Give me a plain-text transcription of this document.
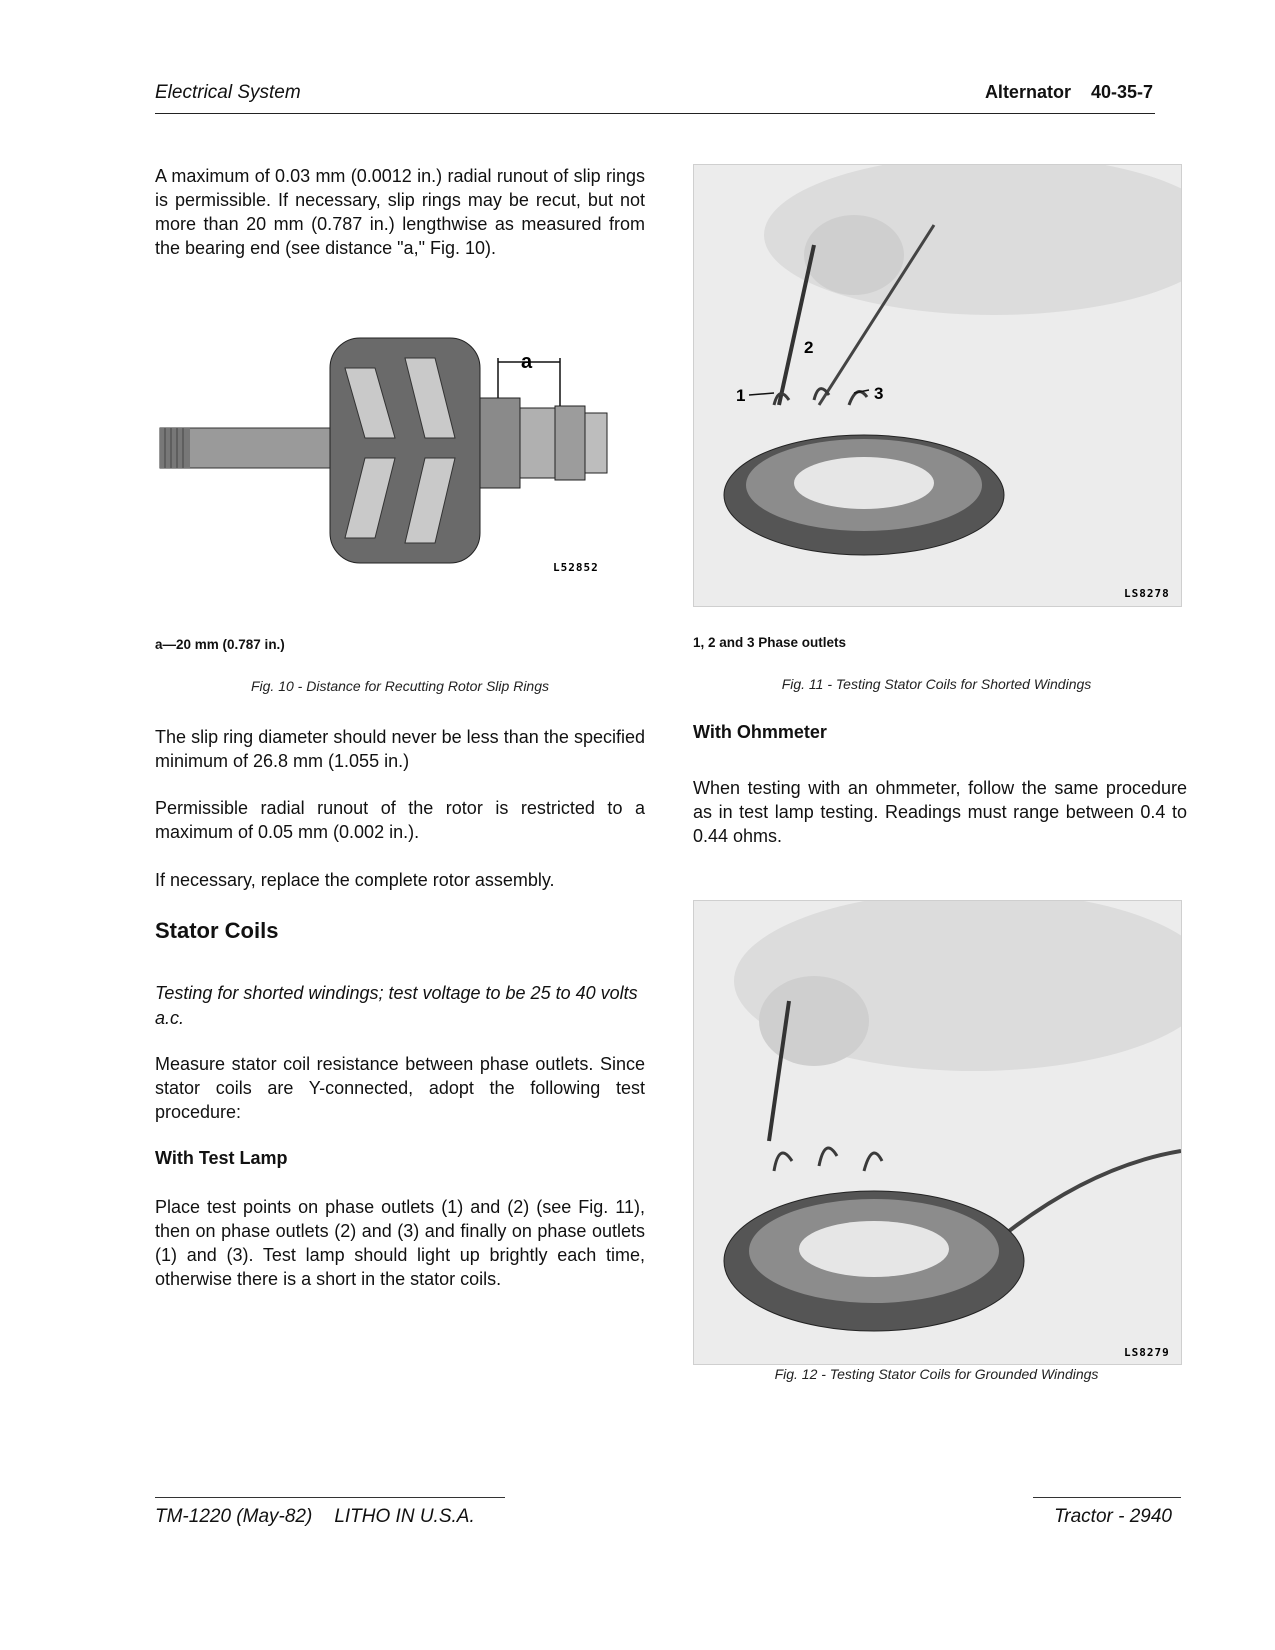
Electrical System	Alternator 40-35-7
A maximum of 0.03 mm (0.0012 in.) radial runout of slip rings is permissible. If necessary, slip rings may be recut, but not more than 20 mm (0.787 in.) lengthwise as measured from the bearing end (see distance "a," Fig. 10).
a
L52852
a—20 mm (0.787 in.)
Fig. 10 - Distance for Recutting Rotor Slip Rings
The slip ring diameter should never be less than the specified minimum of 26.8 mm (1.055 in.)
Permissible radial runout of the rotor is restricted to a maximum of 0.05 mm (0.002 in.).
If necessary, replace the complete rotor assembly.
Stator Coils
Testing for shorted windings; test voltage to be 25 to 40 volts a.c.
Measure stator coil resistance between phase outlets. Since stator coils are Y-connected, adopt the following test procedure:
With Test Lamp
Place test points on phase outlets (1) and (2) (see Fig. 11), then on phase outlets (2) and (3) and finally on phase outlets (1) and (3). Test lamp should light up brightly each time, otherwise there is a short in the stator coils.
1
2
3
LS8278
1, 2 and 3 Phase outlets
Fig. 11 - Testing Stator Coils for Shorted Windings
With Ohmmeter
When testing with an ohmmeter, follow the same procedure as in test lamp testing. Readings must range between 0.4 to 0.44 ohms.
LS8279
Fig. 12 - Testing Stator Coils for Grounded Windings
TM-1220 (May-82) LITHO IN U.S.A.	Tractor - 2940
